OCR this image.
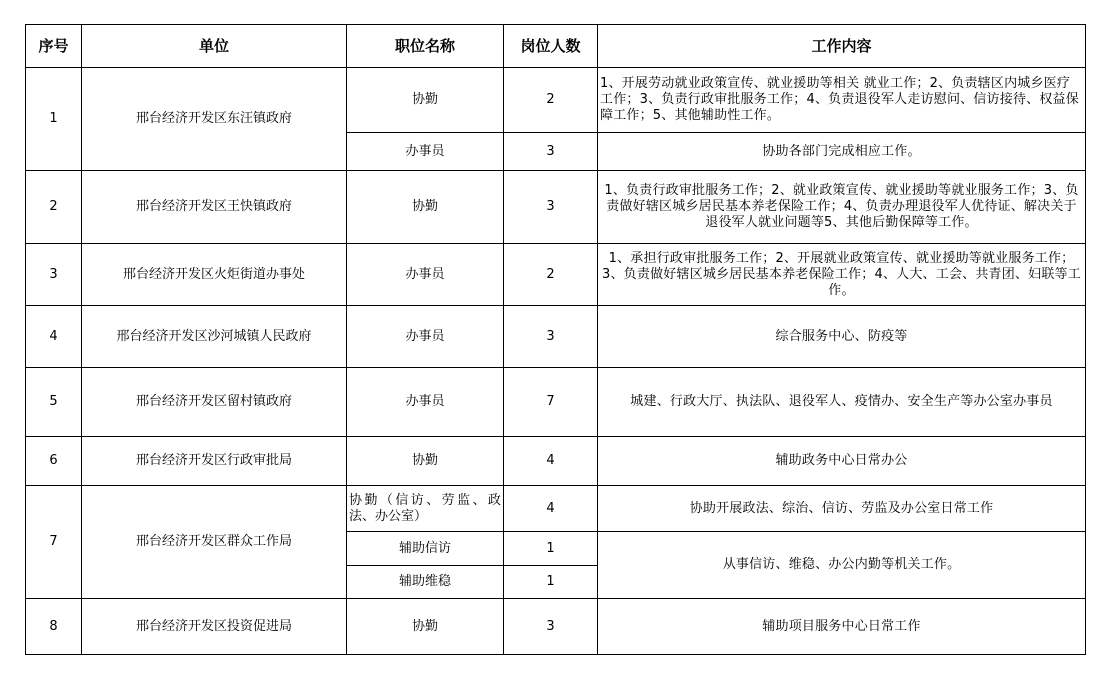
序号	单位	职位名称	岗位人数	工作内容
1	邢台经济开发区东汪镇政府	协勤	2	1、开展劳动就业政策宣传、就业援助等相关 就业工作；2、负责辖区内城乡医疗工作；3、负责行政审批服务工作；4、负责退役军人走访慰问、信访接待、权益保障工作；5、其他辅助性工作。
		办事员	3	协助各部门完成相应工作。
2	邢台经济开发区王快镇政府	协勤	3	1、负责行政审批服务工作；2、就业政策宣传、就业援助等就业服务工作；3、负责做好辖区城乡居民基本养老保险工作；4、负责办理退役军人优待证、解决关于退役军人就业问题等5、其他后勤保障等工作。
3	邢台经济开发区火炬街道办事处	办事员	2	1、承担行政审批服务工作；2、开展就业政策宣传、就业援助等就业服务工作；3、负责做好辖区城乡居民基本养老保险工作；4、人大、工会、共青团、妇联等工作。
4	邢台经济开发区沙河城镇人民政府	办事员	3	综合服务中心、防疫等
5	邢台经济开发区留村镇政府	办事员	7	城建、行政大厅、执法队、退役军人、疫情办、安全生产等办公室办事员
6	邢台经济开发区行政审批局	协勤	4	辅助政务中心日常办公
7	邢台经济开发区群众工作局	协勤（信访、劳监、政法、办公室）	4	协助开展政法、综治、信访、劳监及办公室日常工作
		辅助信访	1	从事信访、维稳、办公内勤等机关工作。
		辅助维稳	1	
8	邢台经济开发区投资促进局	协勤	3	辅助项目服务中心日常工作
